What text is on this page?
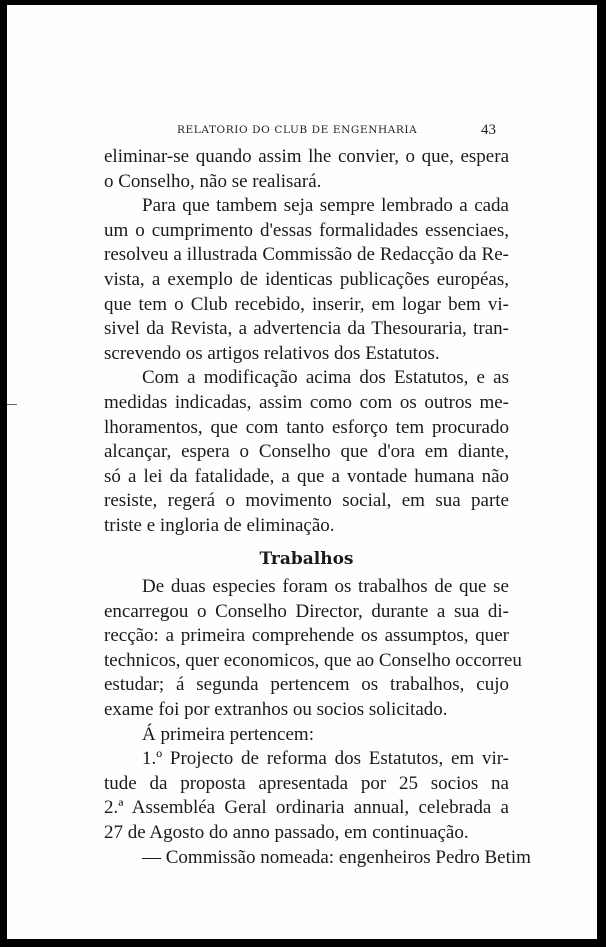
RELATORIO DO CLUB DE ENGENHARIA	43
eliminar-se quando assim lhe convier, o que, espera
o Conselho, não se realisará.
Para que tambem seja sempre lembrado a cada
um o cumprimento d'essas formalidades essenciaes,
resolveu a illustrada Commissão de Redacção da Re-
vista, a exemplo de identicas publicações européas,
que tem o Club recebido, inserir, em logar bem vi-
sivel da Revista, a advertencia da Thesouraria, tran-
screvendo os artigos relativos dos Estatutos.
Com a modificação acima dos Estatutos, e as
medidas indicadas, assim como com os outros me-
lhoramentos, que com tanto esforço tem procurado
alcançar, espera o Conselho que d'ora em diante,
só a lei da fatalidade, a que a vontade humana não
resiste, regerá o movimento social, em sua parte
triste e ingloria de eliminação.
Trabalhos
De duas especies foram os trabalhos de que se
encarregou o Conselho Director, durante a sua di-
recção: a primeira comprehende os assumptos, quer
technicos, quer economicos, que ao Conselho occorreu
estudar; á segunda pertencem os trabalhos, cujo
exame foi por extranhos ou socios solicitado.
Á primeira pertencem:
1.º Projecto de reforma dos Estatutos, em vir-
tude da proposta apresentada por 25 socios na
2.ª Assembléa Geral ordinaria annual, celebrada a
27 de Agosto do anno passado, em continuação.
— Commissão nomeada: engenheiros Pedro Betim
